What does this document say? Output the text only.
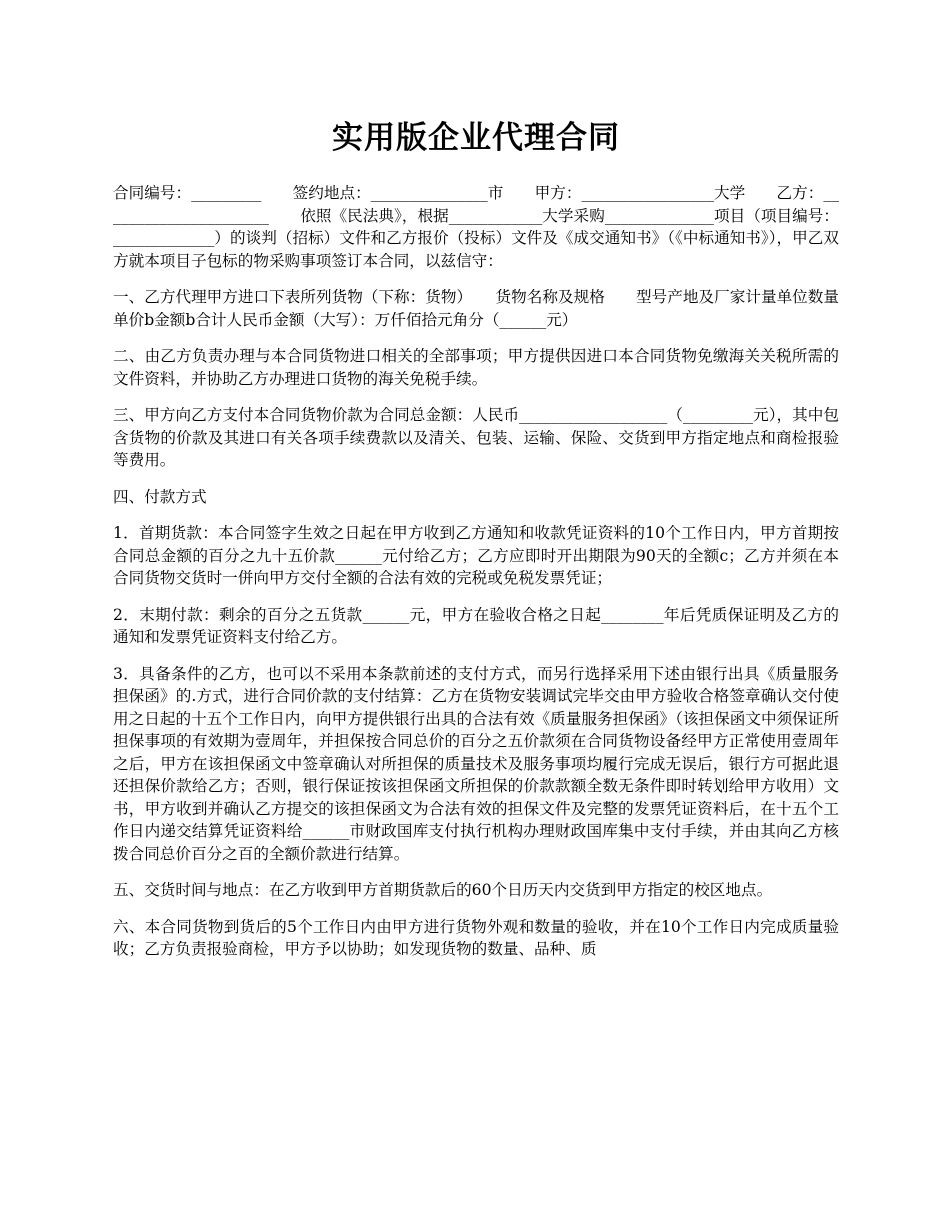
实用版企业代理合同

合同编号：_________　　签约地点：_______________市　　甲方：_________________大学　　乙方：______________________　　依照《民法典》，根据____________大学采购______________项目（项目编号：_____________）的谈判（招标）文件和乙方报价（投标）文件及《成交通知书》（《中标通知书》），甲乙双方就本项目子包标的物采购事项签订本合同，以兹信守：

一、乙方代理甲方进口下表所列货物（下称：货物）　　货物名称及规格　　型号产地及厂家计量单位数量单价b金额b合计人民币金额（大写）：万仟佰拾元角分（______元）

二、由乙方负责办理与本合同货物进口相关的全部事项；甲方提供因进口本合同货物免缴海关关税所需的文件资料，并协助乙方办理进口货物的海关免税手续。

三、甲方向乙方支付本合同货物价款为合同总金额：人民币___________________（_________元），其中包含货物的价款及其进口有关各项手续费款以及清关、包装、运输、保险、交货到甲方指定地点和商检报验等费用。

四、付款方式

1．首期货款：本合同签字生效之日起在甲方收到乙方通知和收款凭证资料的10个工作日内，甲方首期按合同总金额的百分之九十五价款______元付给乙方；乙方应即时开出期限为90天的全额c；乙方并须在本合同货物交货时一併向甲方交付全额的合法有效的完税或免税发票凭证；

2．末期付款：剩余的百分之五货款______元，甲方在验收合格之日起________年后凭质保证明及乙方的通知和发票凭证资料支付给乙方。

3．具备条件的乙方，也可以不采用本条款前述的支付方式，而另行选择采用下述由银行出具《质量服务担保函》的.方式，进行合同价款的支付结算：乙方在货物安装调试完毕交由甲方验收合格签章确认交付使用之日起的十五个工作日内，向甲方提供银行出具的合法有效《质量服务担保函》（该担保函文中须保证所担保事项的有效期为壹周年，并担保按合同总价的百分之五价款须在合同货物设备经甲方正常使用壹周年之后，甲方在该担保函文中签章确认对所担保的质量技术及服务事项均履行完成无误后，银行方可据此退还担保价款给乙方；否则，银行保证按该担保函文所担保的价款款额全数无条件即时转划给甲方收用）文书，甲方收到并确认乙方提交的该担保函文为合法有效的担保文件及完整的发票凭证资料后，在十五个工作日内递交结算凭证资料给______市财政国库支付执行机构办理财政国库集中支付手续，并由其向乙方核拨合同总价百分之百的全额价款进行结算。

五、交货时间与地点：在乙方收到甲方首期货款后的60个日历天内交货到甲方指定的校区地点。

六、本合同货物到货后的5个工作日内由甲方进行货物外观和数量的验收，并在10个工作日内完成质量验收；乙方负责报验商检，甲方予以协助；如发现货物的数量、品种、质
